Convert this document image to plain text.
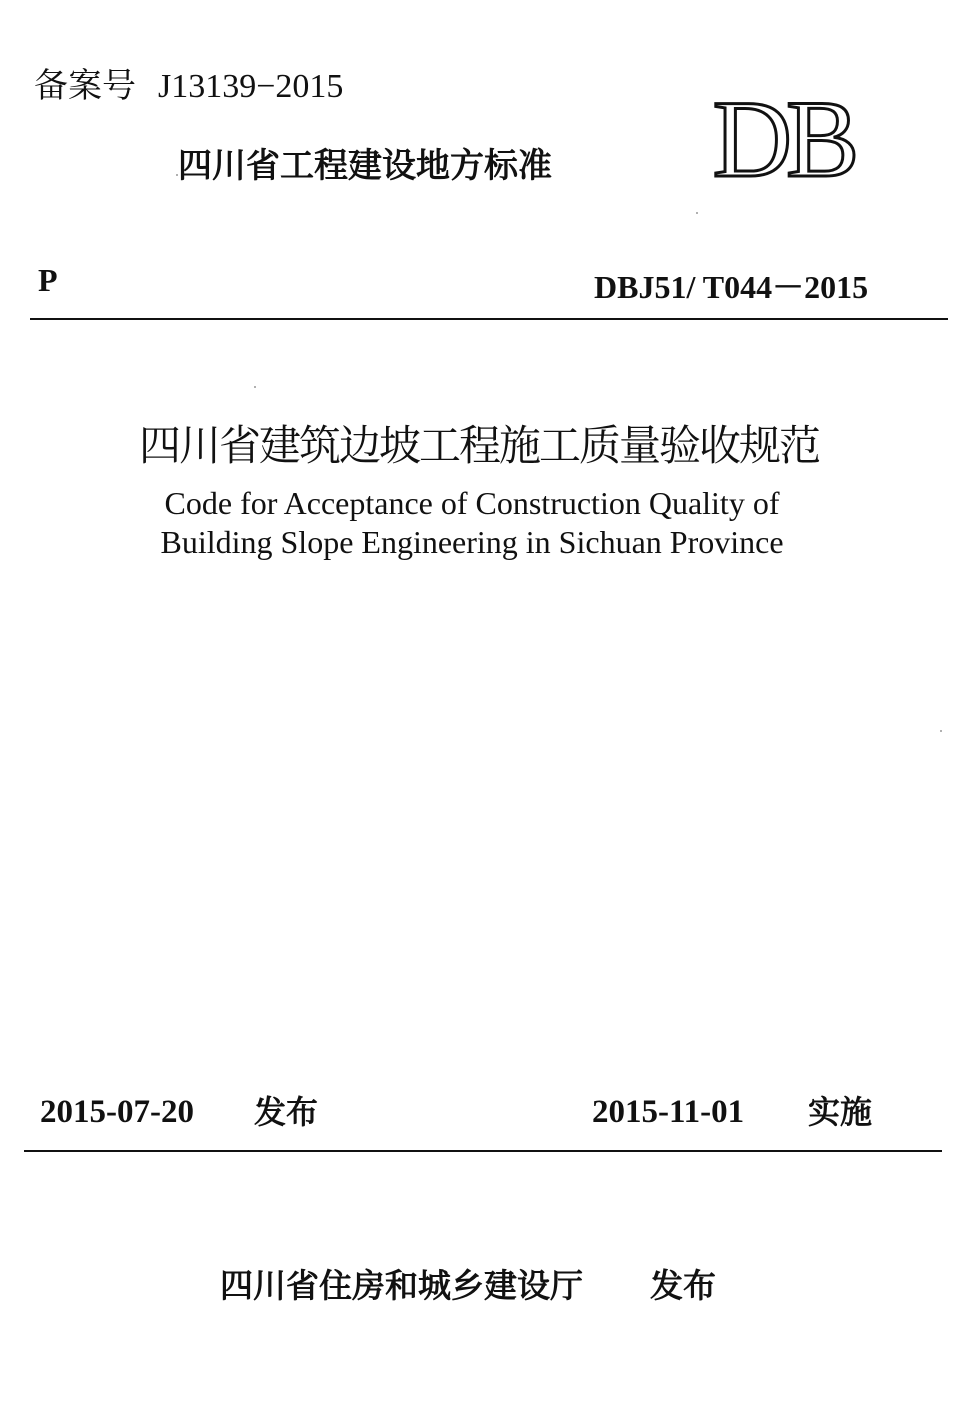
备案号 J13139−2015
四川省工程建设地方标准 DB
P	DBJ51/ T044－2015
四川省建筑边坡工程施工质量验收规范
Code for Acceptance of Construction Quality of
Building Slope Engineering in Sichuan Province
2015-07-20 发布	2015-11-01 实施
四川省住房和城乡建设厅 发布
